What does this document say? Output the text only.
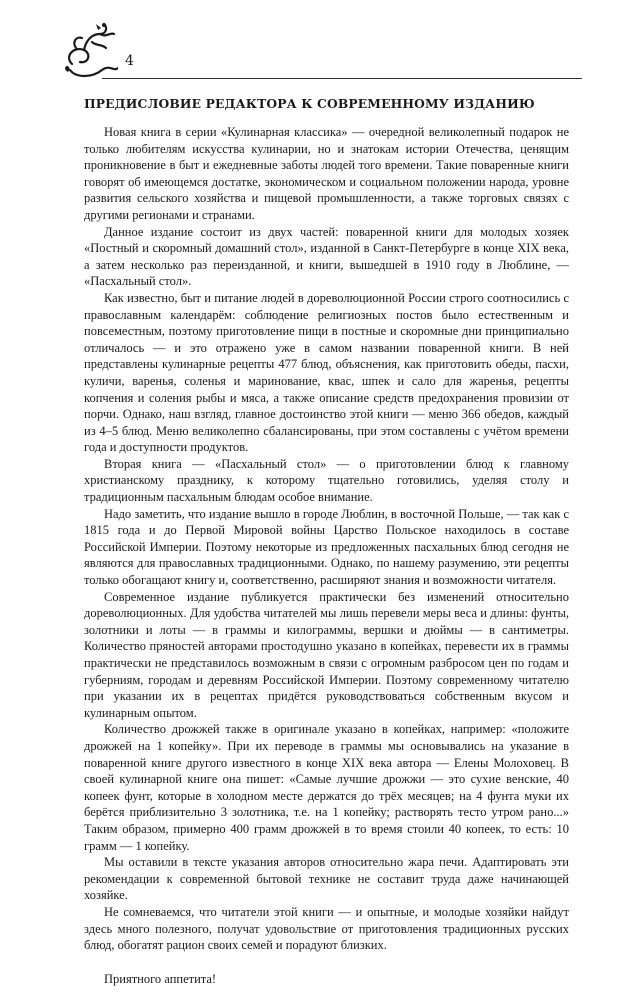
4
ПРЕДИСЛОВИЕ РЕДАКТОРА К СОВРЕМЕННОМУ ИЗДАНИЮ

Новая книга в серии «Кулинарная классика» — очередной великолепный подарок не только любителям искусства кулинарии, но и знатокам истории Отечества, ценящим проникновение в быт и ежедневные заботы людей того времени. Такие поваренные книги говорят об имеющемся достатке, экономическом и социальном положении народа, уровне развития сельского хозяйства и пищевой промышленности, а также торговых связях с другими регионами и странами.

Данное издание состоит из двух частей: поваренной книги для молодых хозяек «Постный и скоромный домашний стол», изданной в Санкт-Петербурге в конце XIX века, а затем несколько раз переизданной, и книги, вышедшей в 1910 году в Люблине, — «Пасхальный стол».

Как известно, быт и питание людей в дореволюционной России строго соотносились с православным календарём: соблюдение религиозных постов было естественным и повсеместным, поэтому приготовление пищи в постные и скоромные дни принципиально отличалось — и это отражено уже в самом названии поваренной книги. В ней представлены кулинарные рецепты 477 блюд, объяснения, как приготовить обеды, пасхи, куличи, варенья, соленья и маринование, квас, шпек и сало для жаренья, рецепты копчения и соления рыбы и мяса, а также описание средств предохранения провизии от порчи. Однако, наш взгляд, главное достоинство этой книги — меню 366 обедов, каждый из 4–5 блюд. Меню великолепно сбалансированы, при этом составлены с учётом времени года и доступности продуктов.

Вторая книга — «Пасхальный стол» — о приготовлении блюд к главному христианскому празднику, к которому тщательно готовились, уделяя столу и традиционным пасхальным блюдам особое внимание.

Надо заметить, что издание вышло в городе Люблин, в восточной Польше, — так как с 1815 года и до Первой Мировой войны Царство Польское находилось в составе Российской Империи. Поэтому некоторые из предложенных пасхальных блюд сегодня не являются для православных традиционными. Однако, по нашему разумению, эти рецепты только обогащают книгу и, соответственно, расширяют знания и возможности читателя.

Современное издание публикуется практически без изменений относительно дореволюционных. Для удобства читателей мы лишь перевели меры веса и длины: фунты, золотники и лоты — в граммы и килограммы, вершки и дюймы — в сантиметры. Количество пряностей авторами простодушно указано в копейках, перевести их в граммы практически не представилось возможным в связи с огромным разбросом цен по годам и губерниям, городам и деревням Российской Империи. Поэтому современному читателю при указании их в рецептах придётся руководствоваться собственным вкусом и кулинарным опытом.

Количество дрожжей также в оригинале указано в копейках, например: «положите дрожжей на 1 копейку». При их переводе в граммы мы основывались на указание в поваренной книге другого известного в конце XIX века автора — Елены Молоховец. В своей кулинарной книге она пишет: «Самые лучшие дрожжи — это сухие венские, 40 копеек фунт, которые в холодном месте держатся до трёх месяцев; на 4 фунта муки их берётся приблизительно 3 золотника, т.е. на 1 копейку; растворять тесто утром рано...» Таким образом, примерно 400 грамм дрожжей в то время стоили 40 копеек, то есть: 10 грамм — 1 копейку.

Мы оставили в тексте указания авторов относительно жара печи. Адаптировать эти рекомендации к современной бытовой технике не составит труда даже начинающей хозяйке.

Не сомневаемся, что читатели этой книги — и опытные, и молодые хозяйки найдут здесь много полезного, получат удовольствие от приготовления традиционных русских блюд, обогатят рацион своих семей и порадуют близких.

Приятного аппетита!
